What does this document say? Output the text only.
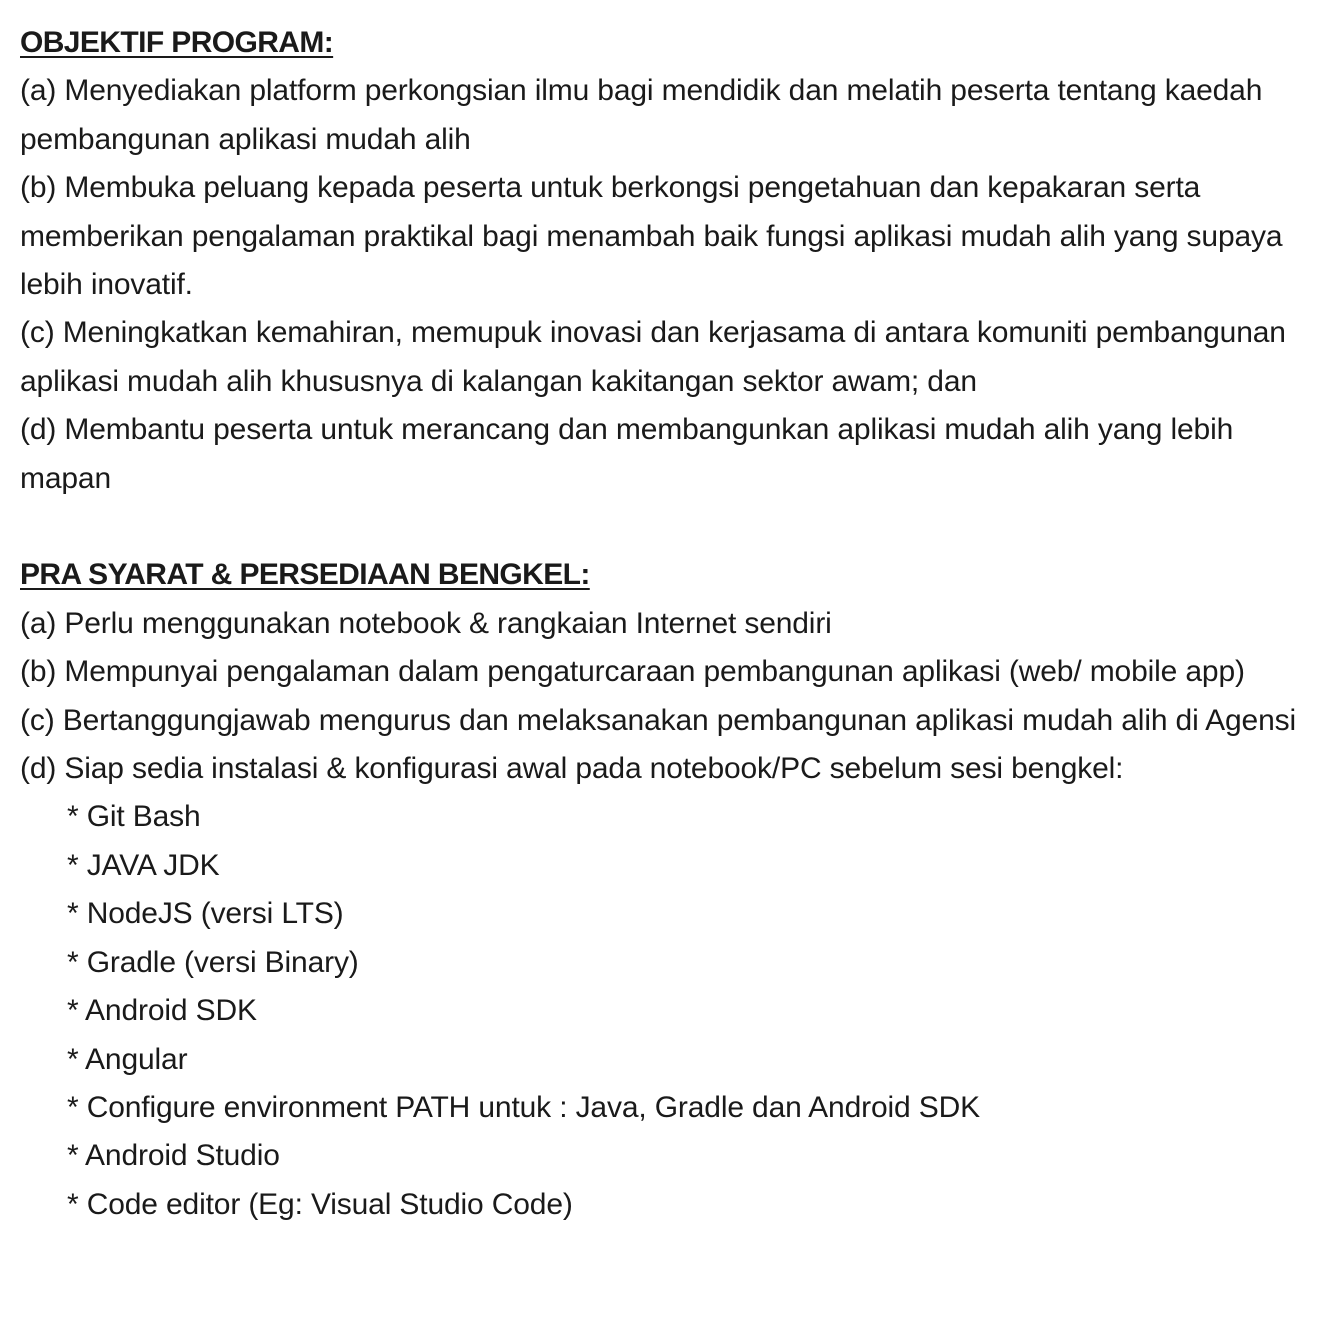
OBJEKTIF PROGRAM:
(a) Menyediakan platform perkongsian ilmu bagi mendidik dan melatih peserta tentang kaedah pembangunan aplikasi mudah alih
(b) Membuka peluang kepada peserta untuk berkongsi pengetahuan dan kepakaran serta memberikan pengalaman praktikal bagi menambah baik fungsi aplikasi mudah alih yang supaya lebih inovatif.
(c) Meningkatkan kemahiran, memupuk inovasi dan kerjasama di antara komuniti pembangunan aplikasi mudah alih khususnya di kalangan kakitangan sektor awam; dan
(d) Membantu peserta untuk merancang dan membangunkan aplikasi mudah alih yang lebih mapan
PRA SYARAT & PERSEDIAAN BENGKEL:
(a) Perlu menggunakan notebook & rangkaian Internet sendiri
(b) Mempunyai pengalaman dalam pengaturcaraan pembangunan aplikasi (web/ mobile app)
(c) Bertanggungjawab mengurus dan melaksanakan pembangunan aplikasi mudah alih di Agensi
(d) Siap sedia instalasi & konfigurasi awal pada notebook/PC sebelum sesi bengkel:
* Git Bash
* JAVA JDK
* NodeJS (versi LTS)
* Gradle (versi Binary)
* Android SDK
* Angular
* Configure environment PATH untuk : Java, Gradle dan Android SDK
* Android Studio
* Code editor (Eg: Visual Studio Code)
